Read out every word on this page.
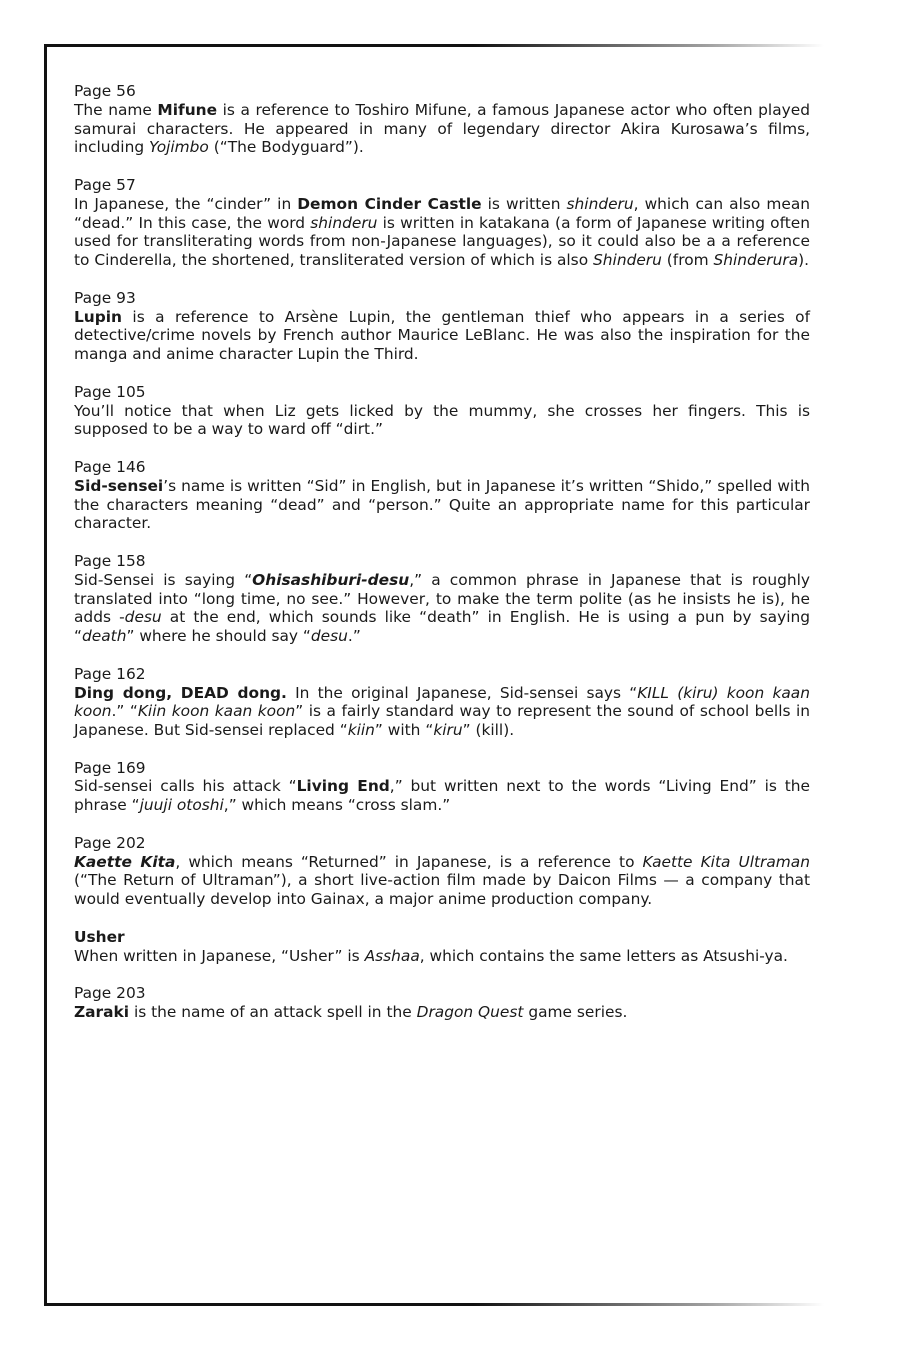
Page 56
The name Mifune is a reference to Toshiro Mifune, a famous Japanese actor who often played samurai characters. He appeared in many of legendary director Akira Kurosawa’s films, including Yojimbo (“The Bodyguard”).
Page 57
In Japanese, the “cinder” in Demon Cinder Castle is written shinderu, which can also mean “dead.” In this case, the word shinderu is written in katakana (a form of Japanese writing often used for transliterating words from non-Japanese languages), so it could also be a a reference to Cinderella, the shortened, transliterated version of which is also Shinderu (from Shinderura).
Page 93
Lupin is a reference to Arsène Lupin, the gentleman thief who appears in a series of detective/crime novels by French author Maurice LeBlanc. He was also the inspiration for the manga and anime character Lupin the Third.
Page 105
You’ll notice that when Liz gets licked by the mummy, she crosses her fingers. This is supposed to be a way to ward off “dirt.”
Page 146
Sid-sensei’s name is written “Sid” in English, but in Japanese it’s written “Shido,” spelled with the characters meaning “dead” and “person.” Quite an appropriate name for this particular character.
Page 158
Sid-Sensei is saying “Ohisashiburi-desu,” a common phrase in Japanese that is roughly translated into “long time, no see.” However, to make the term polite (as he insists he is), he adds -desu at the end, which sounds like “death” in English. He is using a pun by saying “death” where he should say “desu.”
Page 162
Ding dong, DEAD dong. In the original Japanese, Sid-sensei says “KILL (kiru) koon kaan koon.” “Kiin koon kaan koon” is a fairly standard way to represent the sound of school bells in Japanese. But Sid-sensei replaced “kiin” with “kiru” (kill).
Page 169
Sid-sensei calls his attack “Living End,” but written next to the words “Living End” is the phrase “juuji otoshi,” which means “cross slam.”
Page 202
Kaette Kita, which means “Returned” in Japanese, is a reference to Kaette Kita Ultraman (“The Return of Ultraman”), a short live-action film made by Daicon Films — a company that would eventually develop into Gainax, a major anime production company.
Usher
When written in Japanese, “Usher” is Asshaa, which contains the same letters as Atsushi-ya.
Page 203
Zaraki is the name of an attack spell in the Dragon Quest game series.
